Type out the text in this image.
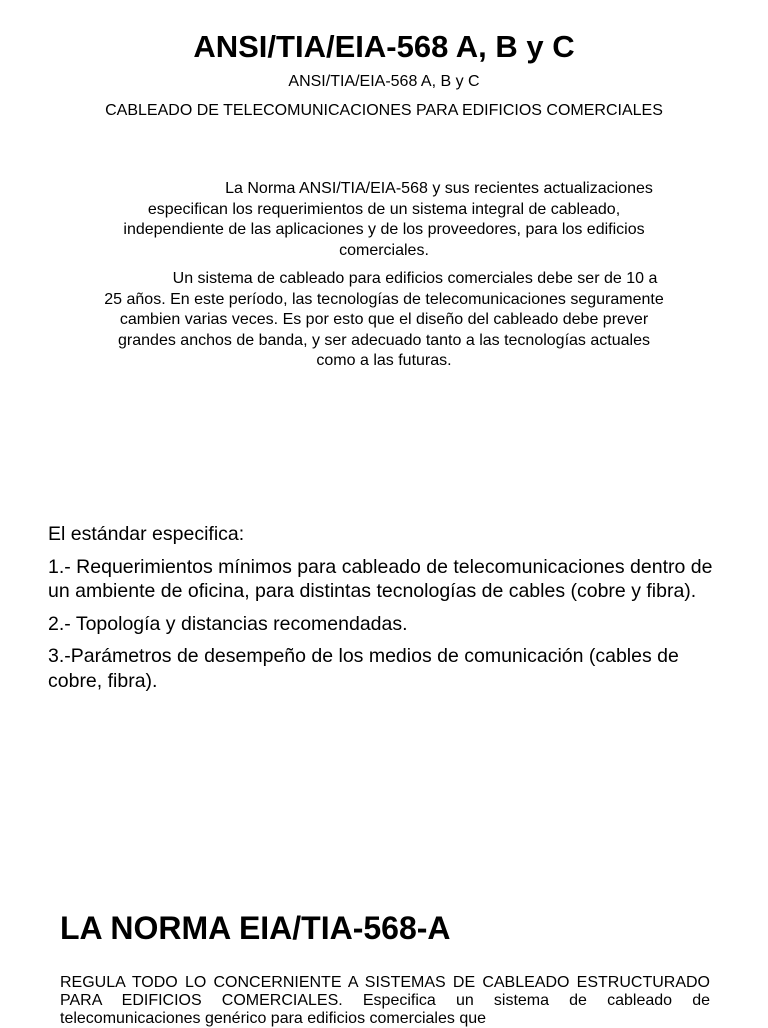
ANSI/TIA/EIA-568 A, B y C

ANSI/TIA/EIA-568 A, B y C

CABLEADO DE TELECOMUNICACIONES PARA EDIFICIOS COMERCIALES

La Norma ANSI/TIA/EIA-568 y sus recientes actualizaciones especifican los requerimientos de un sistema integral de cableado, independiente de las aplicaciones y de los proveedores, para los edificios comerciales.

Un sistema de cableado para edificios comerciales debe ser de 10 a 25 años. En este período, las tecnologías de telecomunicaciones seguramente cambien varias veces. Es por esto que el diseño del cableado debe prever grandes anchos de banda, y ser adecuado tanto a las tecnologías actuales como a las futuras.

El estándar especifica:

1.- Requerimientos mínimos para cableado de telecomunicaciones dentro de un ambiente de oficina, para distintas tecnologías de cables (cobre y fibra).

2.- Topología y distancias recomendadas.

3.-Parámetros de desempeño de los medios de comunicación (cables de cobre, fibra).

LA NORMA EIA/TIA-568-A

REGULA TODO LO CONCERNIENTE A SISTEMAS DE CABLEADO ESTRUCTURADO PARA EDIFICIOS COMERCIALES. Especifica un sistema de cableado de telecomunicaciones genérico para edificios comerciales que
